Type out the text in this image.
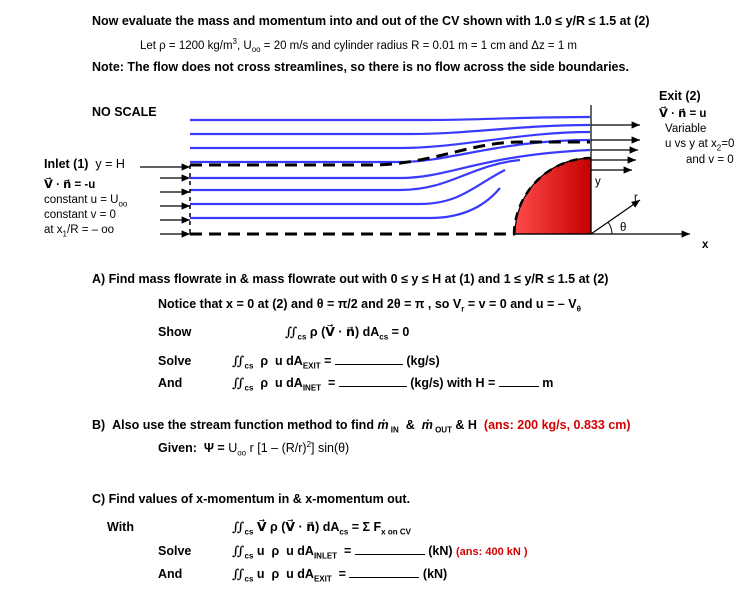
Now evaluate the mass and momentum into and out of the CV shown with 1.0 ≤ y/R ≤ 1.5 at (2)
Let ρ = 1200 $kg/m^3$, $U_{oo} = 20$ m/s and cylinder radius R = 0.01 m = 1 cm and Δz = 1 m
Note: The flow does not cross streamlines, so there is no flow across the side boundaries.
NO SCALE
Exit (2)
V⃗ · n⃗ = u
Variable
u vs y at $x_2=0$
and v = 0
Inlet (1)  y = H
V⃗ · n⃗ = -u
constant $u = U_{oo}$
constant v = 0
at $x_1/R$ = – oo
y
r
θ
x
A) Find mass flowrate in & mass flowrate out with 0 ≤ y ≤ H at (1) and 1 ≤ y/R ≤ 1.5 at (2)
Notice that x = 0 at (2) and θ = π/2 and 2θ = π , so $V_r = v = 0$ and u = – $V_\theta$
Show	$∬_{cs}$ ρ (V⃗ · n⃗) $dA_{cs} = 0$
Solve	$∬_{cs}$  ρ  u $dA_{EXIT}$ =	(kg/s)
And	$∬_{cs}$  ρ  u $dA_{INET}$  =	(kg/s) with H =	m
B)  Also use the stream function method to find ṁ $_{IN}$  &  ṁ $_{OUT}$ & H  (ans: 200 kg/s, 0.833 cm)
Given:  $\Psi = U_{oo}$ r $[1 - (R/r)^2]$ sin(θ)
C) Find values of x-momentum in & x-momentum out.
With	$∬_{cs}$ V⃗ ρ (V⃗ · n⃗) $dA_{cs} = \Sigma$ $F_{x on CV}$
Solve	$∬_{cs}$ u  ρ  u $dA_{INLET}$  =	(kN) (ans: 400 kN )
And	$∬_{cs}$ u  ρ  u $dA_{EXIT}$  =	(kN)
